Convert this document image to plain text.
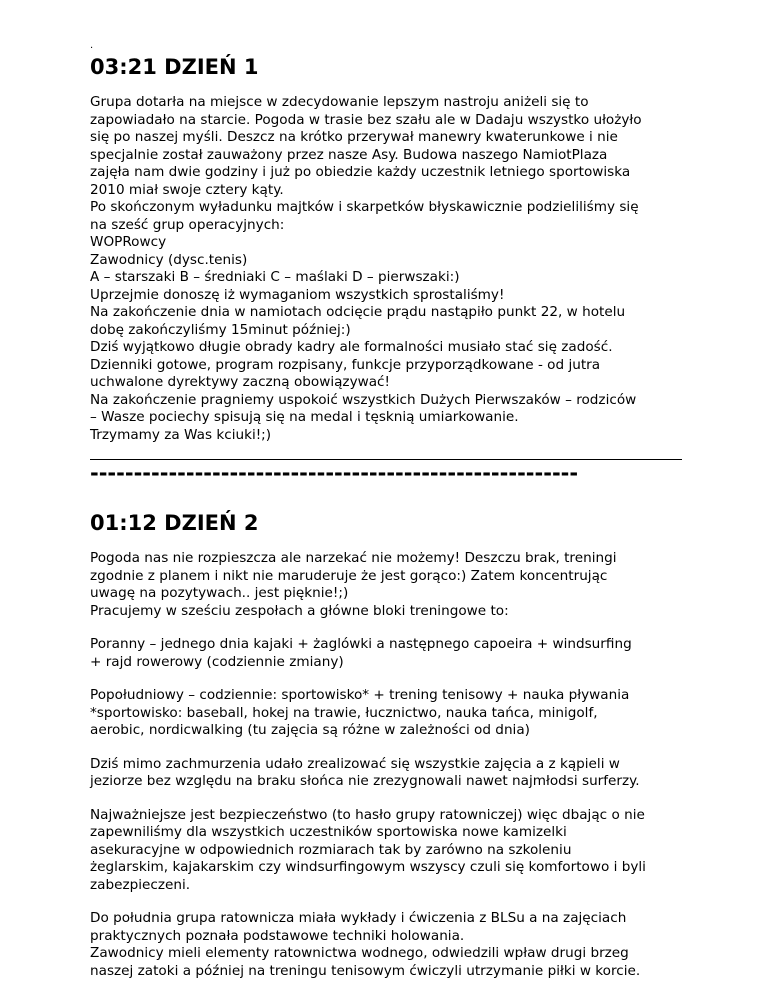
.
03:21 DZIEŃ 1

Grupa dotarła na miejsce w zdecydowanie lepszym nastroju aniżeli się to
zapowiadało na starcie. Pogoda w trasie bez szału ale w Dadaju wszystko ułożyło
się po naszej myśli. Deszcz na krótko przerywał manewry kwaterunkowe i nie
specjalnie został zauważony przez nasze Asy. Budowa naszego NamiotPlaza
zajęła nam dwie godziny i już po obiedzie każdy uczestnik letniego sportowiska
2010 miał swoje cztery kąty.
Po skończonym wyładunku majtków i skarpetków błyskawicznie podzieliliśmy się
na sześć grup operacyjnych:
WOPRowcy
Zawodnicy (dysc.tenis)
A – starszaki B – średniaki C – maślaki D – pierwszaki:)
Uprzejmie donoszę iż wymaganiom wszystkich sprostaliśmy!
Na zakończenie dnia w namiotach odcięcie prądu nastąpiło punkt 22, w hotelu
dobę zakończyliśmy 15minut później:)
Dziś wyjątkowo długie obrady kadry ale formalności musiało stać się zadość.
Dzienniki gotowe, program rozpisany, funkcje przyporządkowane - od jutra
uchwalone dyrektywy zaczną obowiązywać!
Na zakończenie pragniemy uspokoić wszystkich Dużych Pierwszaków – rodziców
– Wasze pociechy spisują się na medal i tęsknią umiarkowanie.
Trzymamy za Was kciuki!;)

--------------------------------------------------------
01:12 DZIEŃ 2

Pogoda nas nie rozpieszcza ale narzekać nie możemy! Deszczu brak, treningi
zgodnie z planem i nikt nie maruderuje że jest gorąco:) Zatem koncentrując
uwagę na pozytywach.. jest pięknie!;)
Pracujemy w sześciu zespołach a główne bloki treningowe to:

Poranny – jednego dnia kajaki + żaglówki a następnego capoeira + windsurfing
+ rajd rowerowy (codziennie zmiany)

Popołudniowy – codziennie: sportowisko* + trening tenisowy + nauka pływania
*sportowisko: baseball, hokej na trawie, łucznictwo, nauka tańca, minigolf,
aerobic, nordicwalking (tu zajęcia są różne w zależności od dnia)

Dziś mimo zachmurzenia udało zrealizować się wszystkie zajęcia a z kąpieli w
jeziorze bez względu na braku słońca nie zrezygnowali nawet najmłodsi surferzy.

Najważniejsze jest bezpieczeństwo (to hasło grupy ratowniczej) więc dbając o nie
zapewniliśmy dla wszystkich uczestników sportowiska nowe kamizelki
asekuracyjne w odpowiednich rozmiarach tak by zarówno na szkoleniu
żeglarskim, kajakarskim czy windsurfingowym wszyscy czuli się komfortowo i byli
zabezpieczeni.

Do południa grupa ratownicza miała wykłady i ćwiczenia z BLSu a na zajęciach
praktycznych poznała podstawowe techniki holowania.
Zawodnicy mieli elementy ratownictwa wodnego, odwiedzili wpław drugi brzeg
naszej zatoki a później na treningu tenisowym ćwiczyli utrzymanie piłki w korcie.
